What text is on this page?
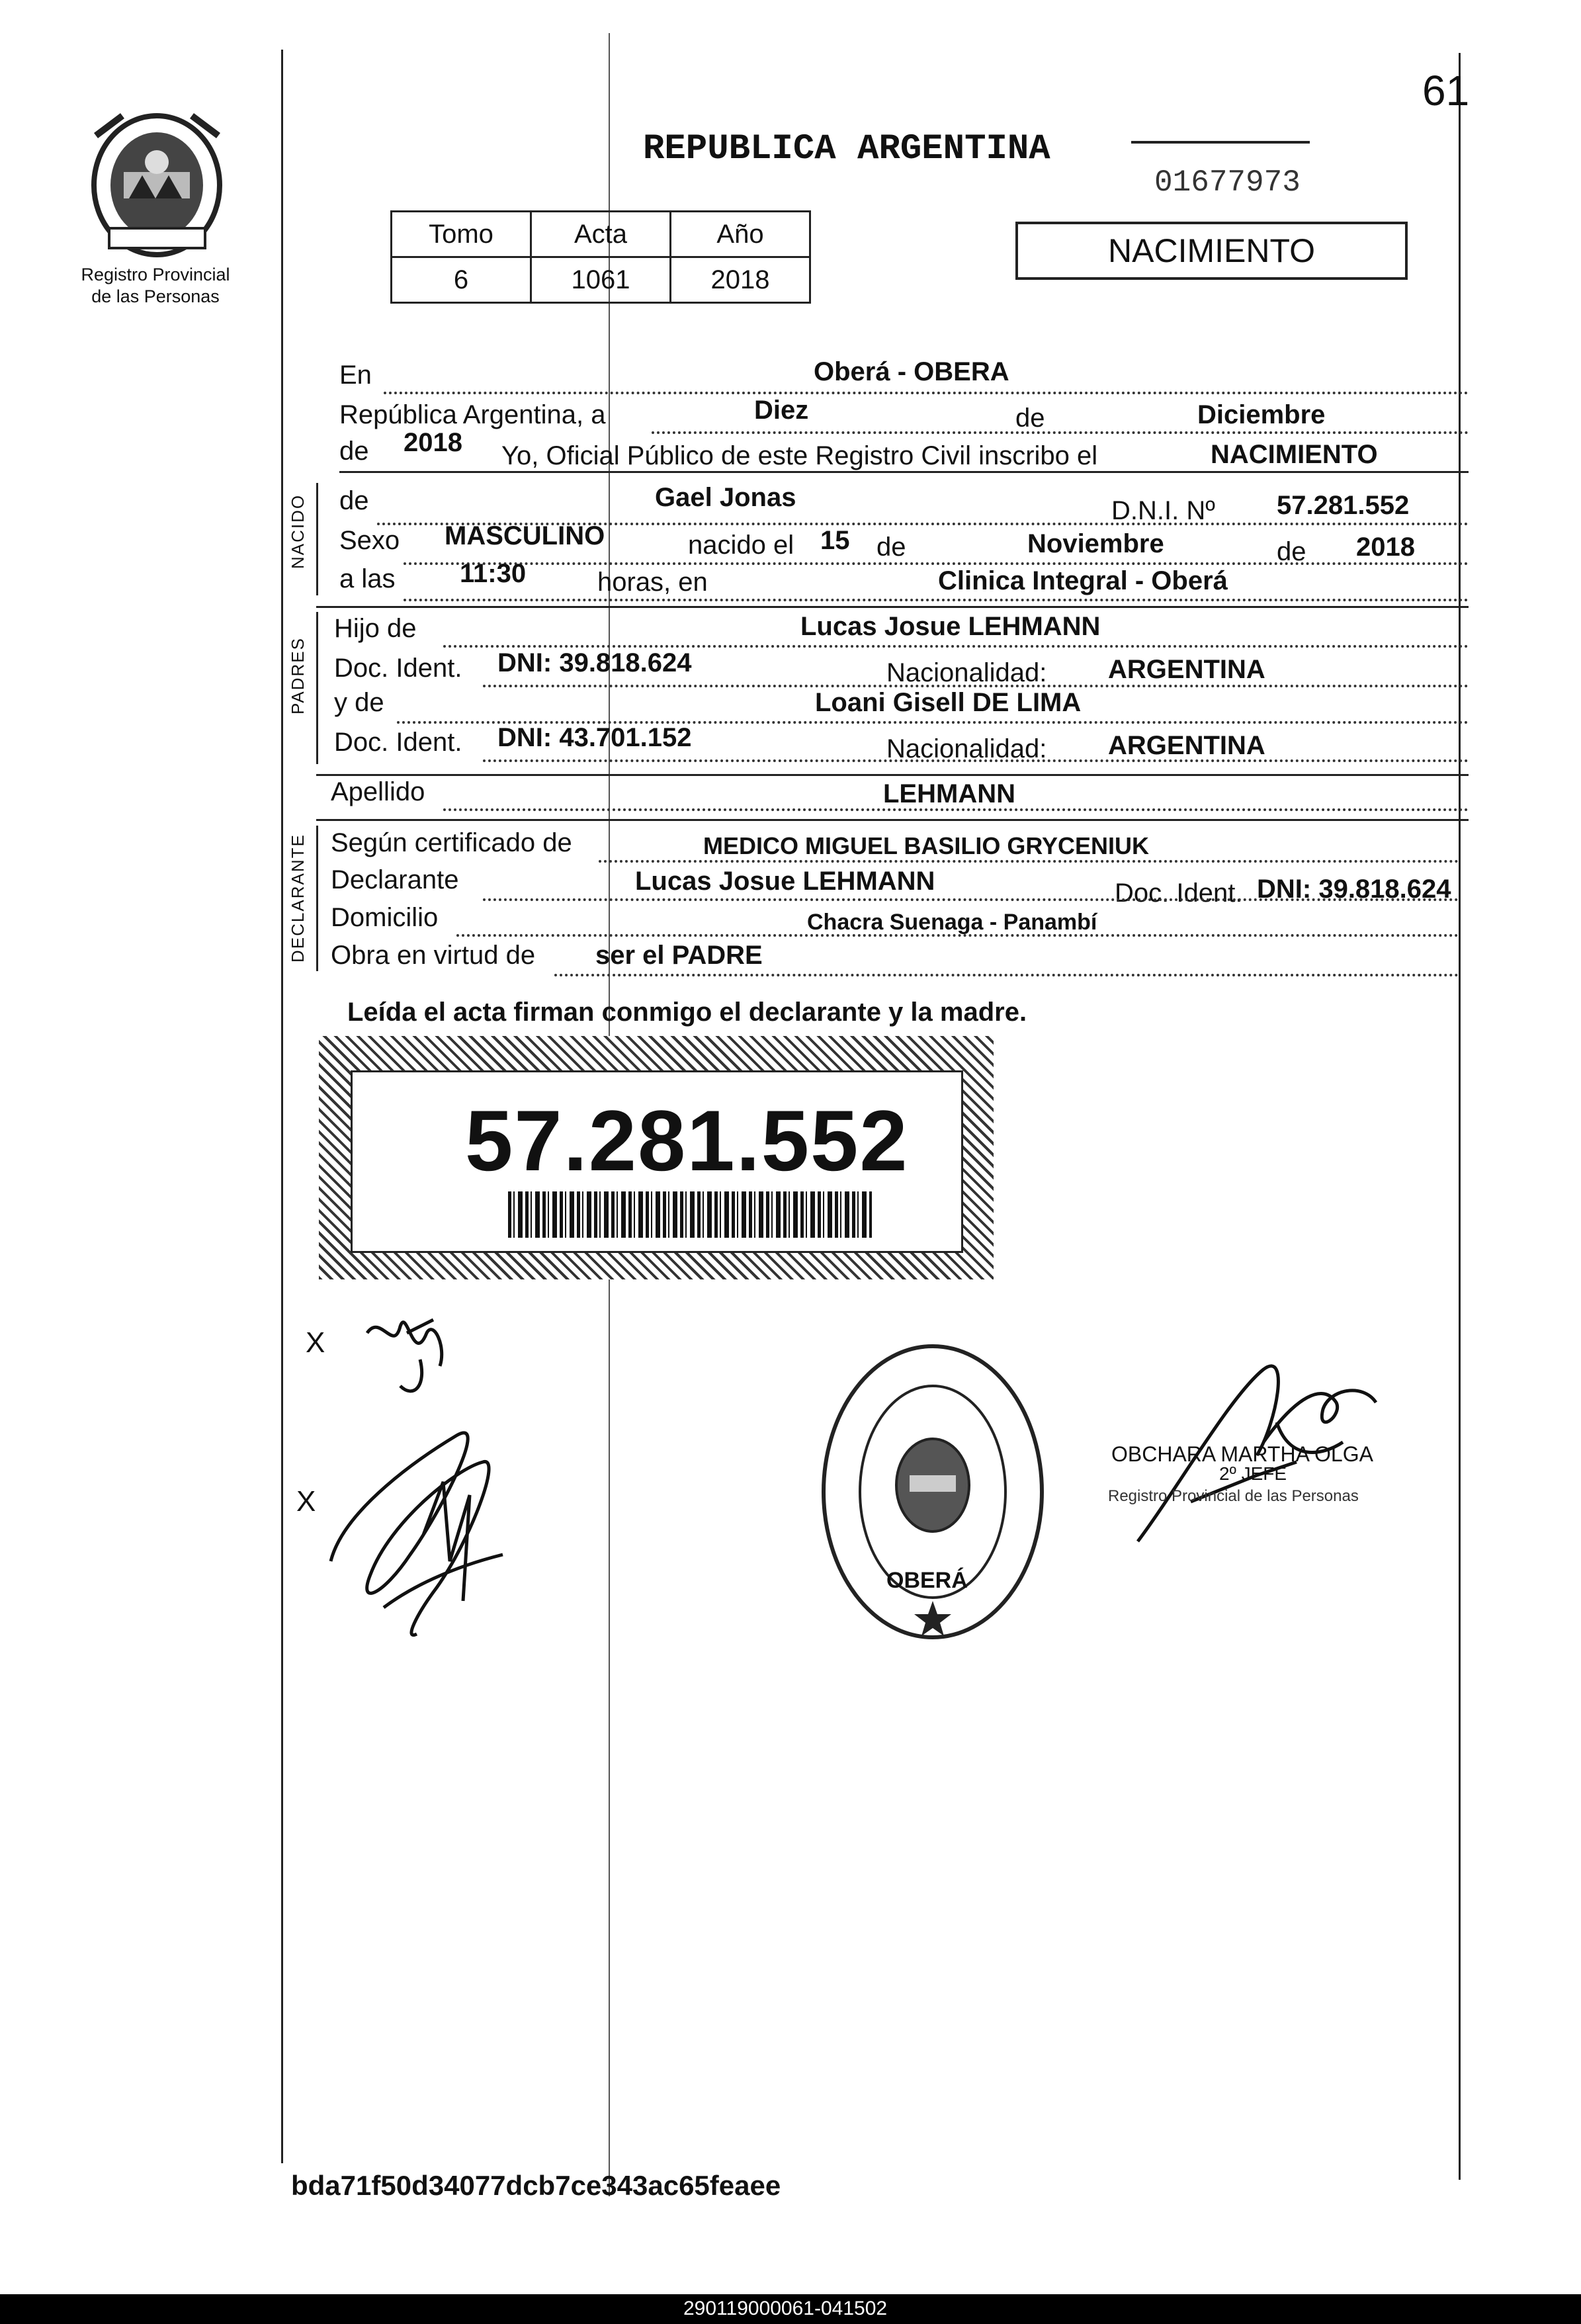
61
Registro Provincial
de las Personas
REPUBLICA ARGENTINA
01677973
NACIMIENTO
Tomo	Acta	Año
6	1061	2018
En	Oberá - OBERA
República Argentina, a	Diez	de	Diciembre
de 2018 Yo, Oficial Público de este Registro Civil inscribo el	NACIMIENTO
NACIDO de	Gael Jonas	D.N.I. Nº 57.281.552
Sexo MASCULINO	nacido el 15 de	Noviembre	de 2018
a las 11:30	horas, en	Clinica Integral - Oberá
PADRES
Hijo de	Lucas Josue LEHMANN
Doc. Ident. DNI: 39.818.624	Nacionalidad: ARGENTINA
y de	Loani Gisell DE LIMA
Doc. Ident. DNI: 43.701.152	Nacionalidad: ARGENTINA
Apellido	LEHMANN
DECLARANTE Según certificado de	MEDICO MIGUEL BASILIO GRYCENIUK
Declarante	Lucas Josue LEHMANN	Doc. Ident. DNI: 39.818.624
Domicilio	Chacra Suenaga - Panambí
Obra en virtud de ser el PADRE
Leída el acta firman conmigo el declarante y la madre.
57.281.552
X
X
OBERÁ
OBCHARA MARTHA OLGA
2º JEFE
Registro Provincial de las Personas
bda71f50d34077dcb7ce343ac65feaee
290119000061-041502
